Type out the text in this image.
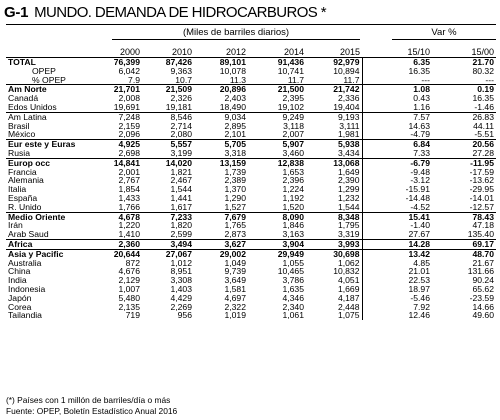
G-1 MUNDO. DEMANDA DE HIDROCARBUROS *
(Miles de barriles diarios)	Var %
	2000	2010	2012	2014	2015	15/10	15/00
TOTAL	76,399	87,426	89,101	91,436	92,979	6.35	21.70
OPEP	6,042	9,363	10,078	10,741	10,894	16.35	80.32
% OPEP	7.9	10.7	11.3	11.7	11.7	---	---
Am Norte	21,701	21,509	20,896	21,500	21,742	1.08	0.19
Canadá	2,008	2,326	2,403	2,395	2,336	0.43	16.35
Edos Unidos	19,691	19,181	18,490	19,102	19,404	1.16	-1.46
Am Latina	7,248	8,546	9,034	9,249	9,193	7.57	26.83
Brasil	2,159	2,714	2,895	3,118	3,111	14.63	44.11
México	2,096	2,080	2,101	2,007	1,981	-4.79	-5.51
Eur este y Euras	4,925	5,557	5,705	5,907	5,938	6.84	20.56
Rusia	2,698	3,199	3,318	3,460	3,434	7.33	27.28
Europ occ	14,841	14,020	13,159	12,838	13,068	-6.79	-11.95
Francia	2,001	1,821	1,739	1,653	1,649	-9.48	-17.59
Alemania	2,767	2,467	2,389	2,396	2,390	-3.12	-13.62
Italia	1,854	1,544	1,370	1,224	1,299	-15.91	-29.95
España	1,433	1,441	1,290	1,192	1,232	-14.48	-14.01
R. Unido	1,766	1,617	1,527	1,520	1,544	-4.52	-12.57
Medio Oriente	4,678	7,233	7,679	8,090	8,348	15.41	78.43
Irán	1,220	1,820	1,765	1,846	1,795	-1.40	47.18
Arab Saud	1,410	2,599	2,873	3,163	3,319	27.67	135.40
Africa	2,360	3,494	3,627	3,904	3,993	14.28	69.17
Asia y Pacific	20,644	27,067	29,002	29,949	30,698	13.42	48.70
Australia	872	1,012	1,049	1,055	1,062	4.85	21.67
China	4,676	8,951	9,739	10,465	10,832	21.01	131.66
India	2,129	3,308	3,649	3,786	4,051	22.53	90.24
Indonesia	1,007	1,403	1,581	1,635	1,669	18.97	65.62
Japón	5,480	4,429	4,697	4,346	4,187	-5.46	-23.59
Corea	2,135	2,269	2,322	2,340	2,448	7.92	14.66
Tailandia	719	956	1,019	1,061	1,075	12.46	49.60
(*) Países con 1 millón de barriles/día o más
Fuente: OPEP, Boletín Estadístico Anual 2016
